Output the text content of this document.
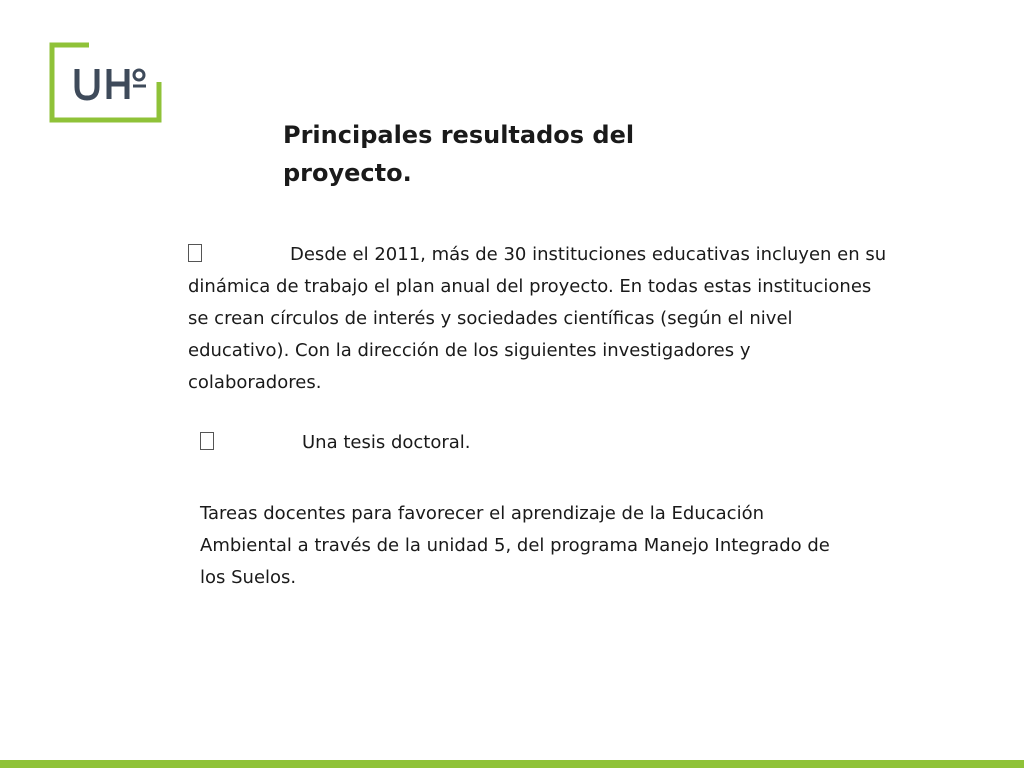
Principales resultados del proyecto.
Desde el 2011, más de 30 instituciones educativas incluyen en su dinámica de trabajo el plan anual del proyecto. En todas estas instituciones se crean círculos de interés y sociedades científicas (según el nivel educativo). Con la dirección de los siguientes investigadores y colaboradores.
Una tesis doctoral.
Tareas docentes para favorecer el aprendizaje de la Educación Ambiental a través de la unidad 5, del programa Manejo Integrado de los Suelos.
